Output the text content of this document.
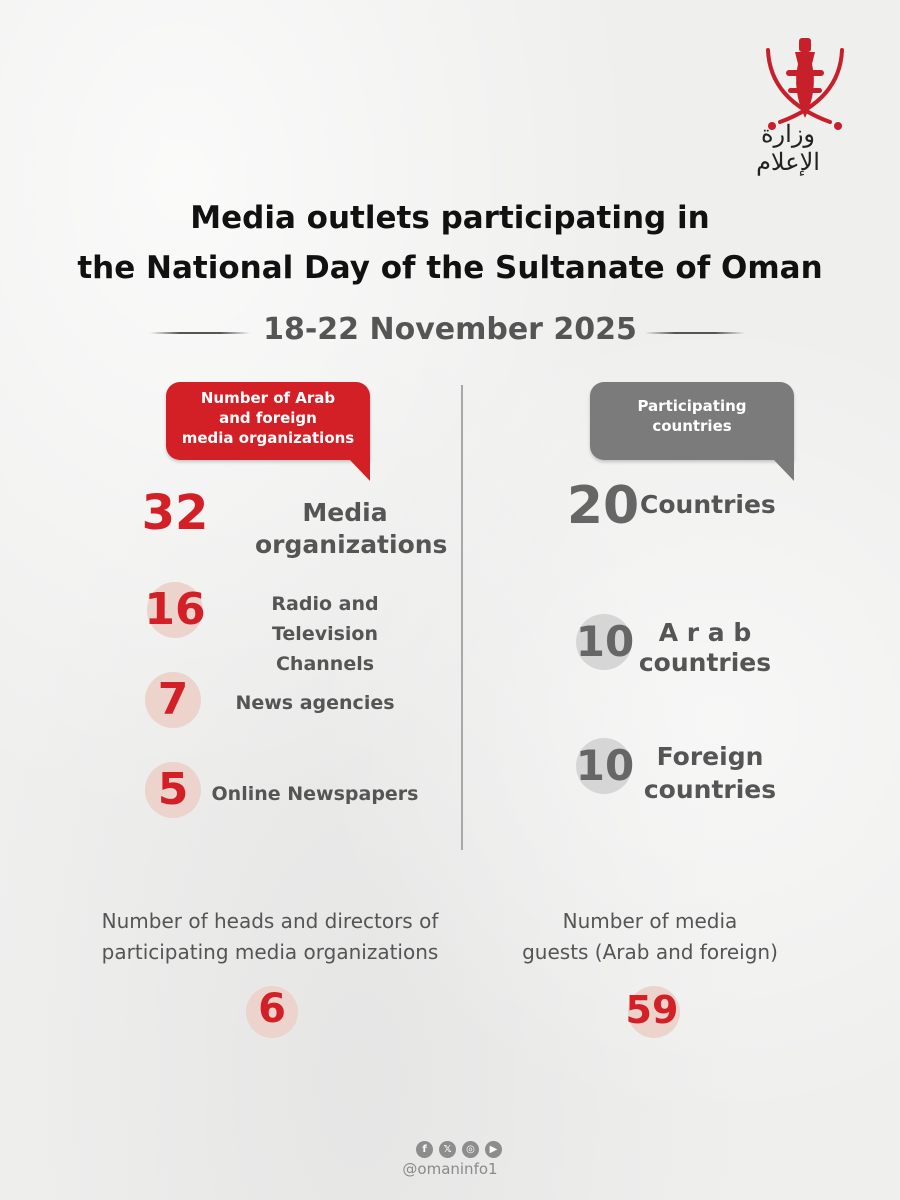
وزارة الإعلام
Media outlets participating in
the National Day of the Sultanate of Oman
18-22 November 2025
Number of Arab
and foreign
media organizations
Participating
countries
32	Media
organizations
16	Radio and
Television Channels
7	News agencies
5	Online Newspapers
20 Countries
10 A r a b
countries
10 Foreign
countries
Number of heads and directors of
participating media organizations
6
Number of media
guests (Arab and foreign)
59
f	𝕏	◎	▶
@omaninfo1
